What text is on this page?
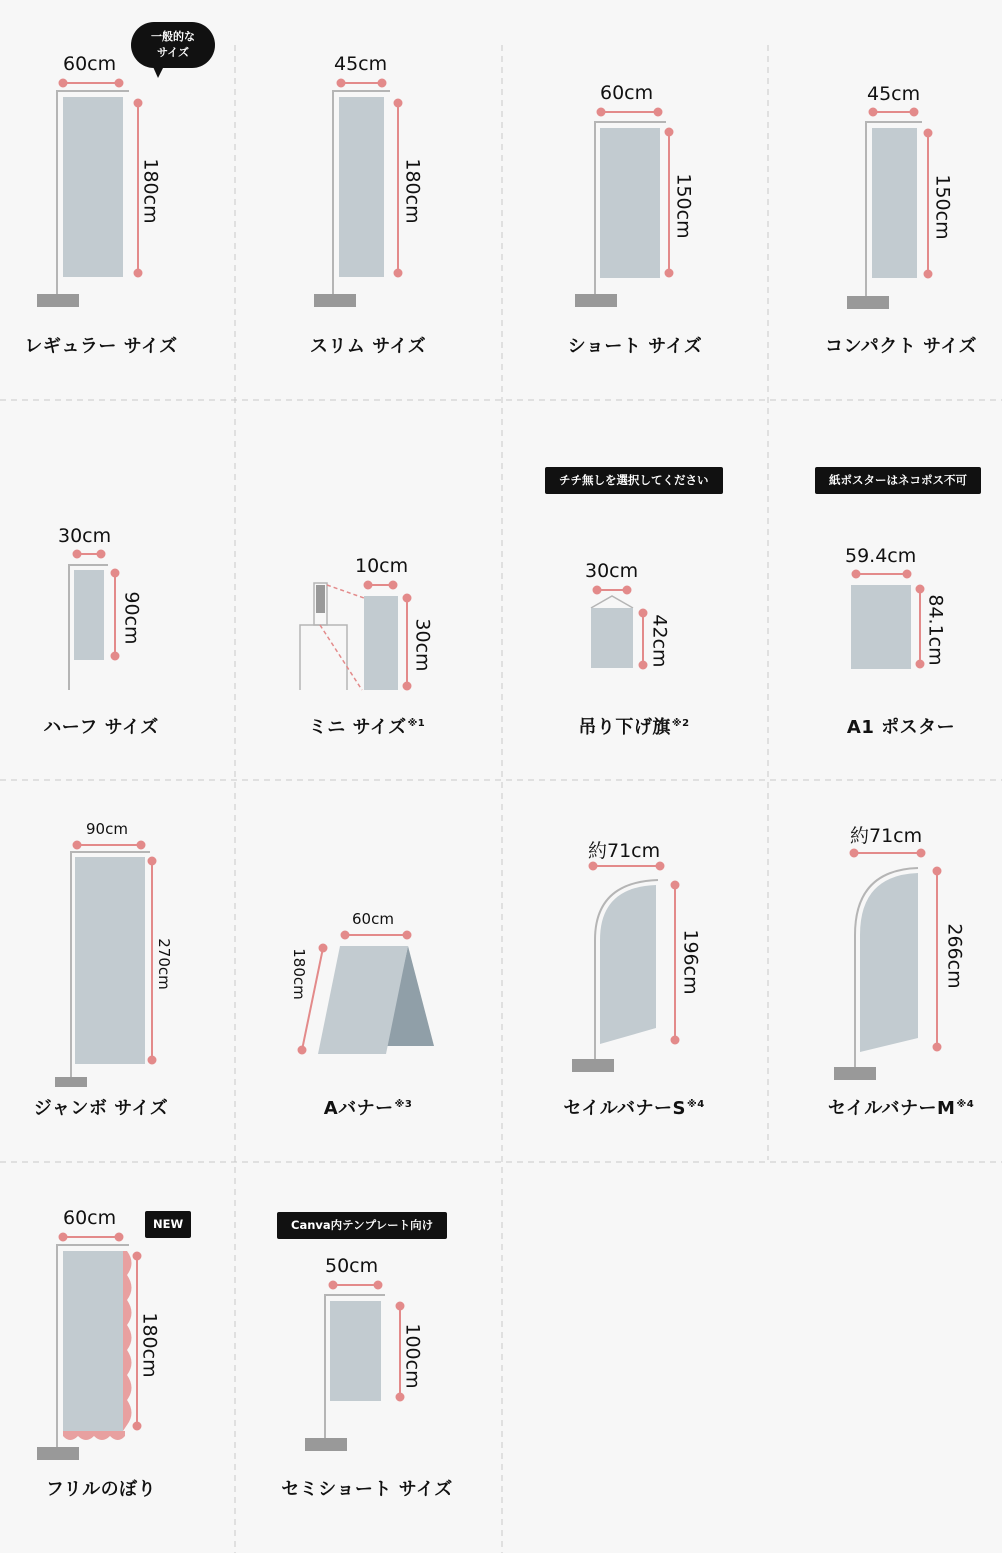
一般的な
サイズ
チチ無しを選択してください	紙ポスターはネコポス不可
NEW	Canva内テンプレート向け
60cm	45cm
60cm	45cm
30cm
10cm	30cm
59.4cm
90cm
60cm
約71cm
約71cm
60cm
50cm
180cm	180cm	150cm	150cm
90cm
30cm	42cm	84.1cm
270cm	180cm	196cm	266cm
180cm	100cm
レギュラー サイズ	スリム サイズ	ショート サイズ	コンパクト サイズ
ハーフ サイズ	ミニ サイズ$^{※1}$	吊り下げ旗$^{※2}$	A1 ポスター
ジャンボ サイズ	Aバナー$^{※3}$	セイルバナー$S^{※4}$	セイルバナー$M^{※4}$
フリルのぼり	セミショート サイズ
